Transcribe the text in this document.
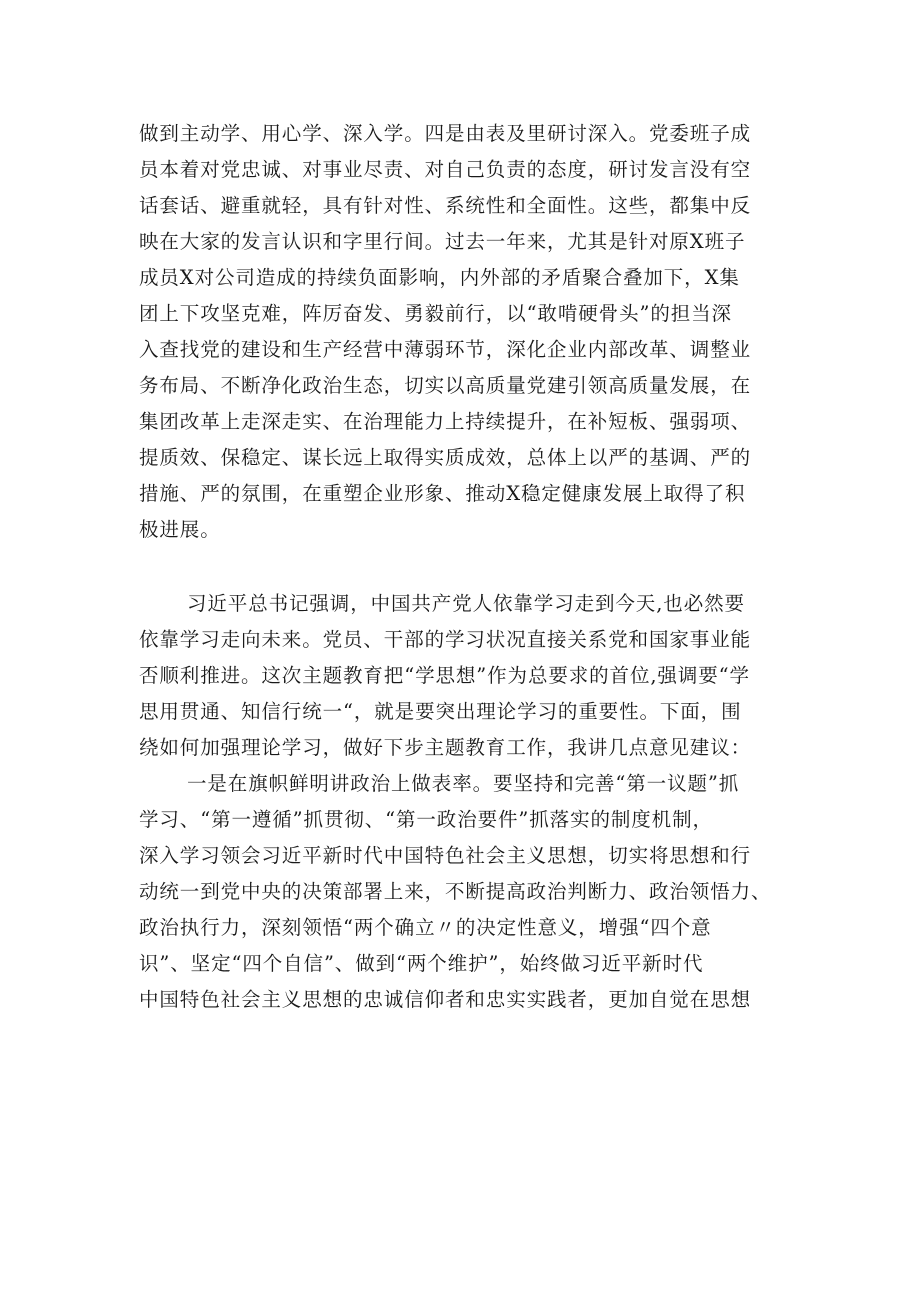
做到主动学、用心学、深入学。四是由表及里研讨深入。党委班子成

员本着对党忠诚、对事业尽责、对自己负责的态度，研讨发言没有空

话套话、避重就轻，具有针对性、系统性和全面性。这些，都集中反

映在大家的发言认识和字里行间。过去一年来，尤其是针对原X班子

成员X对公司造成的持续负面影响，内外部的矛盾聚合叠加下，X集

团上下攻坚克难，阵厉奋发、勇毅前行，以“敢啃硬骨头”的担当深

入查找党的建设和生产经营中薄弱环节，深化企业内部改革、调整业

务布局、不断净化政治生态，切实以高质量党建引领高质量发展，在

集团改革上走深走实、在治理能力上持续提升，在补短板、强弱项、

提质效、保稳定、谋长远上取得实质成效，总体上以严的基调、严的

措施、严的氛围，在重塑企业形象、推动X稳定健康发展上取得了积

极进展。

习近平总书记强调，中国共产党人依靠学习走到今天,也必然要

依靠学习走向未来。党员、干部的学习状况直接关系党和国家事业能

否顺利推进。这次主题教育把“学思想”作为总要求的首位,强调要“学

思用贯通、知信行统一“，就是要突出理论学习的重要性。下面，围

绕如何加强理论学习，做好下步主题教育工作，我讲几点意见建议：

一是在旗帜鲜明讲政治上做表率。要坚持和完善“第一议题”抓

学习、“第一遵循”抓贯彻、“第一政治要件”抓落实的制度机制，

深入学习领会习近平新时代中国特色社会主义思想，切实将思想和行

动统一到党中央的决策部署上来，不断提高政治判断力、政治领悟力、

政治执行力，深刻领悟“两个确立〃的决定性意义，增强“四个意

识”、坚定“四个自信”、做到“两个维护”，始终做习近平新时代

中国特色社会主义思想的忠诚信仰者和忠实实践者，更加自觉在思想
